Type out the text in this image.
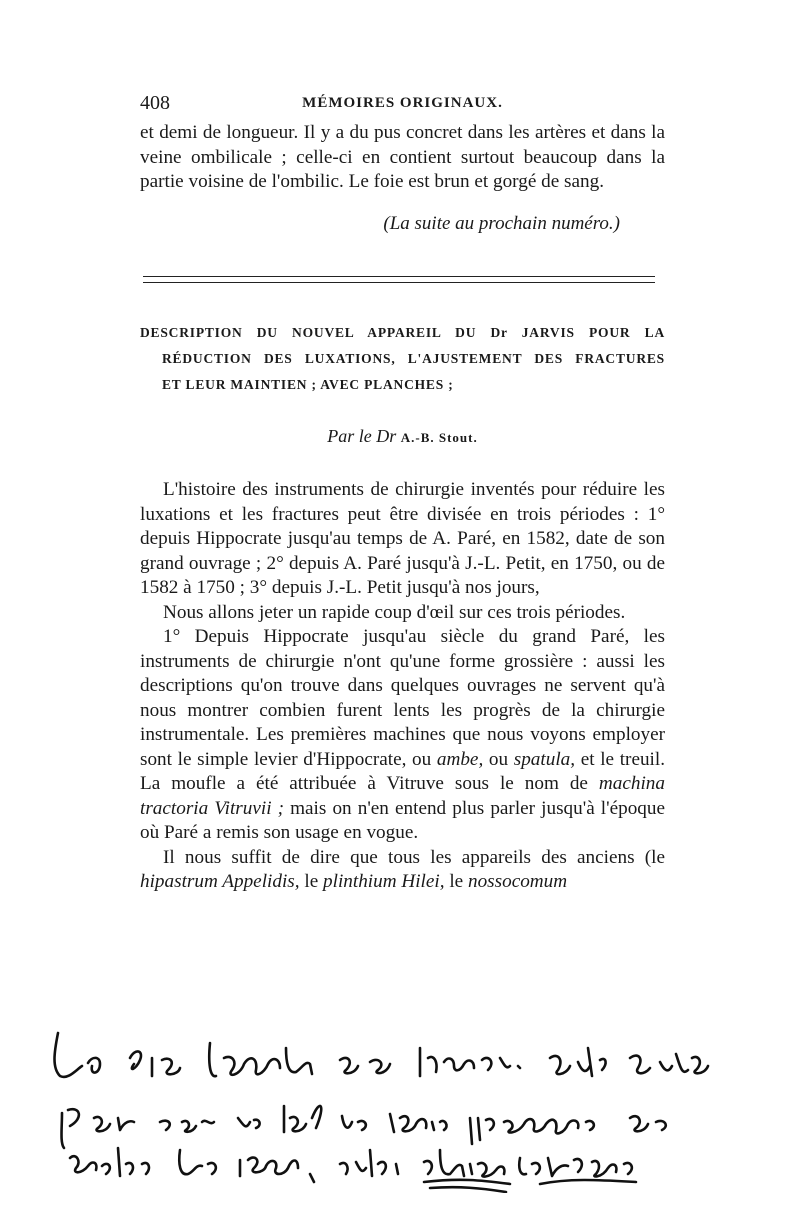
408	MÉMOIRES ORIGINAUX.

et demi de longueur. Il y a du pus concret dans les artères et dans la veine ombilicale ; celle-ci en contient surtout beaucoup dans la partie voisine de l'ombilic. Le foie est brun et gorgé de sang.

(La suite au prochain numéro.)
DESCRIPTION DU NOUVEL APPAREIL DU Dr JARVIS POUR LA
RÉDUCTION DES LUXATIONS, L'AJUSTEMENT DES FRACTURES
ET LEUR MAINTIEN ; AVEC PLANCHES ;
Par le Dr A.-B. Stout.

L'histoire des instruments de chirurgie inventés pour réduire les luxations et les fractures peut être divisée en trois périodes : 1° depuis Hippocrate jusqu'au temps de A. Paré, en 1582, date de son grand ouvrage ; 2° depuis A. Paré jusqu'à J.-L. Petit, en 1750, ou de 1582 à 1750 ; 3° depuis J.-L. Petit jusqu'à nos jours,

Nous allons jeter un rapide coup d'œil sur ces trois périodes.

1° Depuis Hippocrate jusqu'au siècle du grand Paré, les instruments de chirurgie n'ont qu'une forme grossière : aussi les descriptions qu'on trouve dans quelques ouvrages ne servent qu'à nous montrer combien furent lents les progrès de la chirurgie instrumentale. Les premières machines que nous voyons employer sont le simple levier d'Hippocrate, ou ambe, ou spatula, et le treuil. La moufle a été attribuée à Vitruve sous le nom de machina tractoria Vitruvii ; mais on n'en entend plus parler jusqu'à l'époque où Paré a remis son usage en vogue.

Il nous suffit de dire que tous les appareils des anciens (le hipastrum Appelidis, le plinthium Hilei, le nossocomum
